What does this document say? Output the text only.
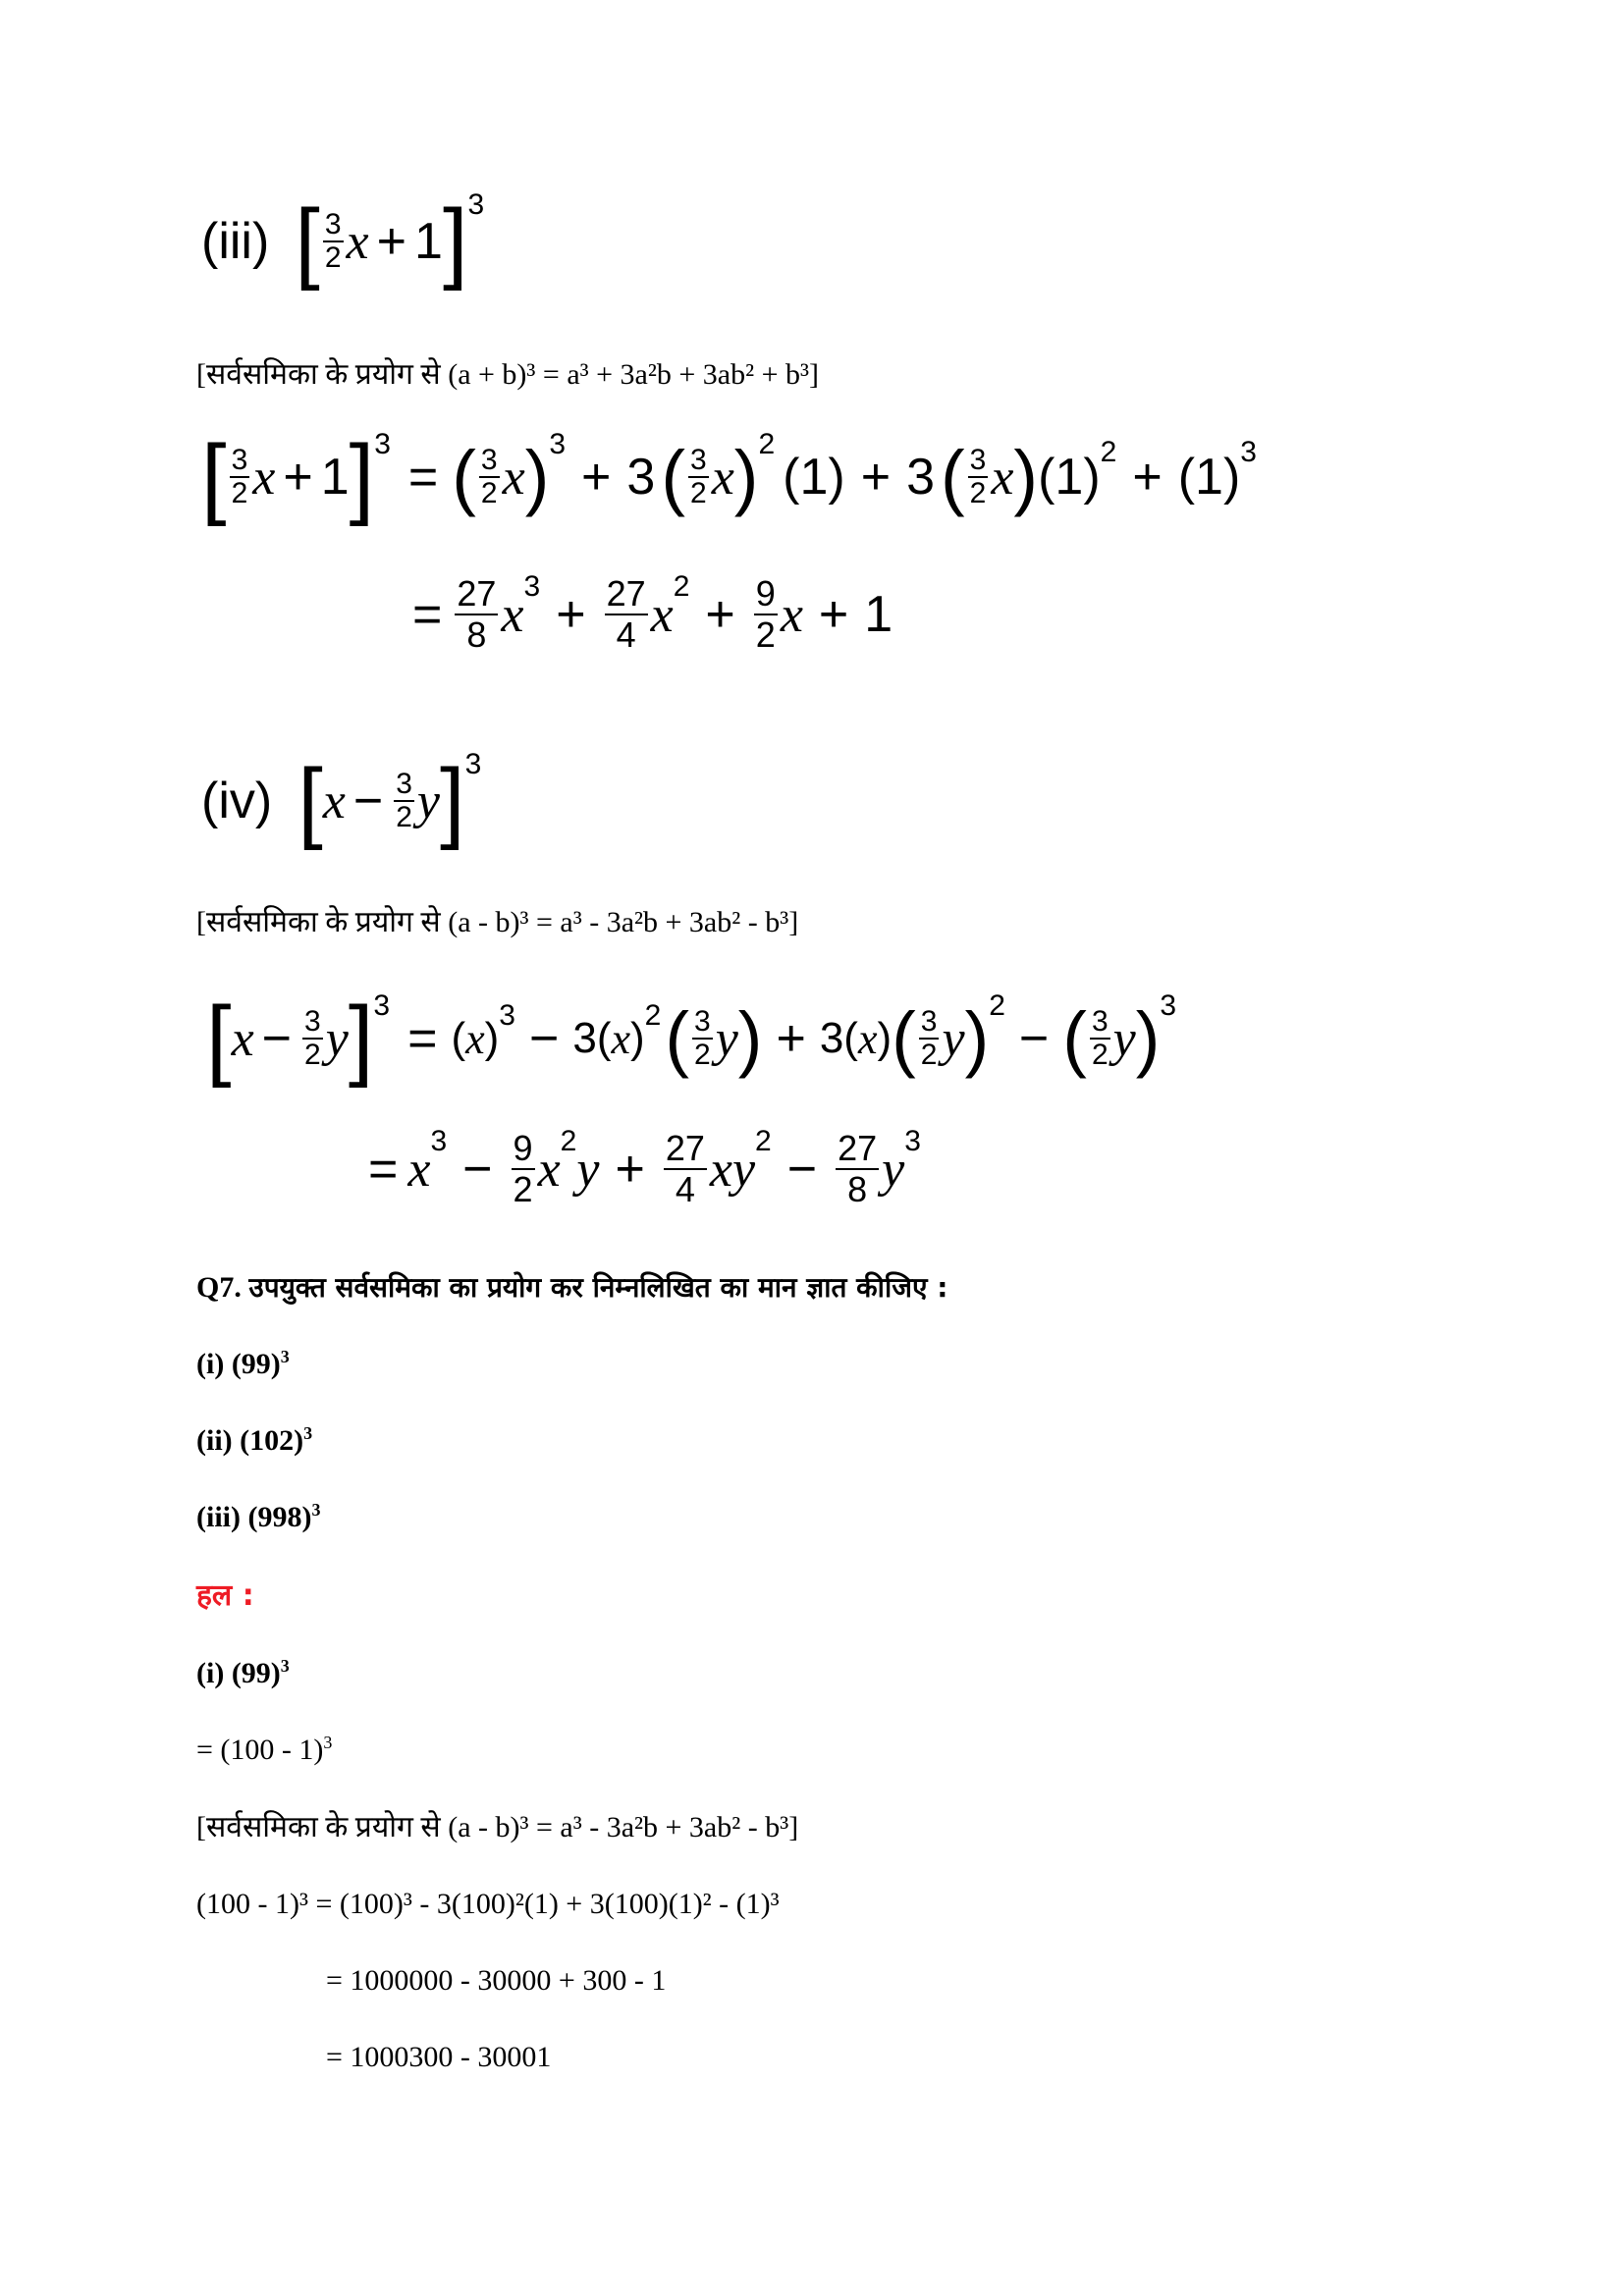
(iii) [ $\frac{3}{2}$ x + 1 ] 3
[सर्वसमिका के प्रयोग से (a + b)³ = a³ + 3a²b + 3ab² + b³]
[ $\frac{3}{2}$ x + 1 ] 3
= ( $\frac{3}{2}$ x ) 3
+ 3 ( $\frac{3}{2}$ x ) 2
(1) + 3 ( $\frac{3}{2}$ x ) (1) 2 + (1) 3
= $\frac{27}{8}$ x $3 + \frac{27}{4}$ x $2 + \frac{9}{2}$ x + 1
(iv) [ $x - \frac{3}{2}$ y ] 3
[सर्वसमिका के प्रयोग से (a - b)³ = a³ - 3a²b + 3ab² - b³]
[ $x - \frac{3}{2}$ y ] 3
= ( x ) 3 − 3( x ) 2 ( $\frac{3}{2}$ y ) + 3( x ) ( $\frac{3}{2}$ y ) 2
− ( $\frac{3}{2}$ y ) 3
= x $3 - \frac{9}{2}$ x 2 $y + \frac{27}{4}$ xy $2 - \frac{27}{8}$ y 3
Q7. उपयुक्त सर्वसमिका का प्रयोग कर निम्नलिखित का मान ज्ञात कीजिए :
(i) $(99)^3$
(ii) $(102)^3$
(iii) $(998)^3$
हल :
(i) $(99)^3$
= (100 - 1)$^3$
[सर्वसमिका के प्रयोग से (a - b)³ = a³ - 3a²b + 3ab² - b³]
(100 - 1)³ = (100)³ - 3(100)²(1) + 3(100)(1)² - (1)³
= 1000000 - 30000 + 300 - 1
= 1000300 - 30001
